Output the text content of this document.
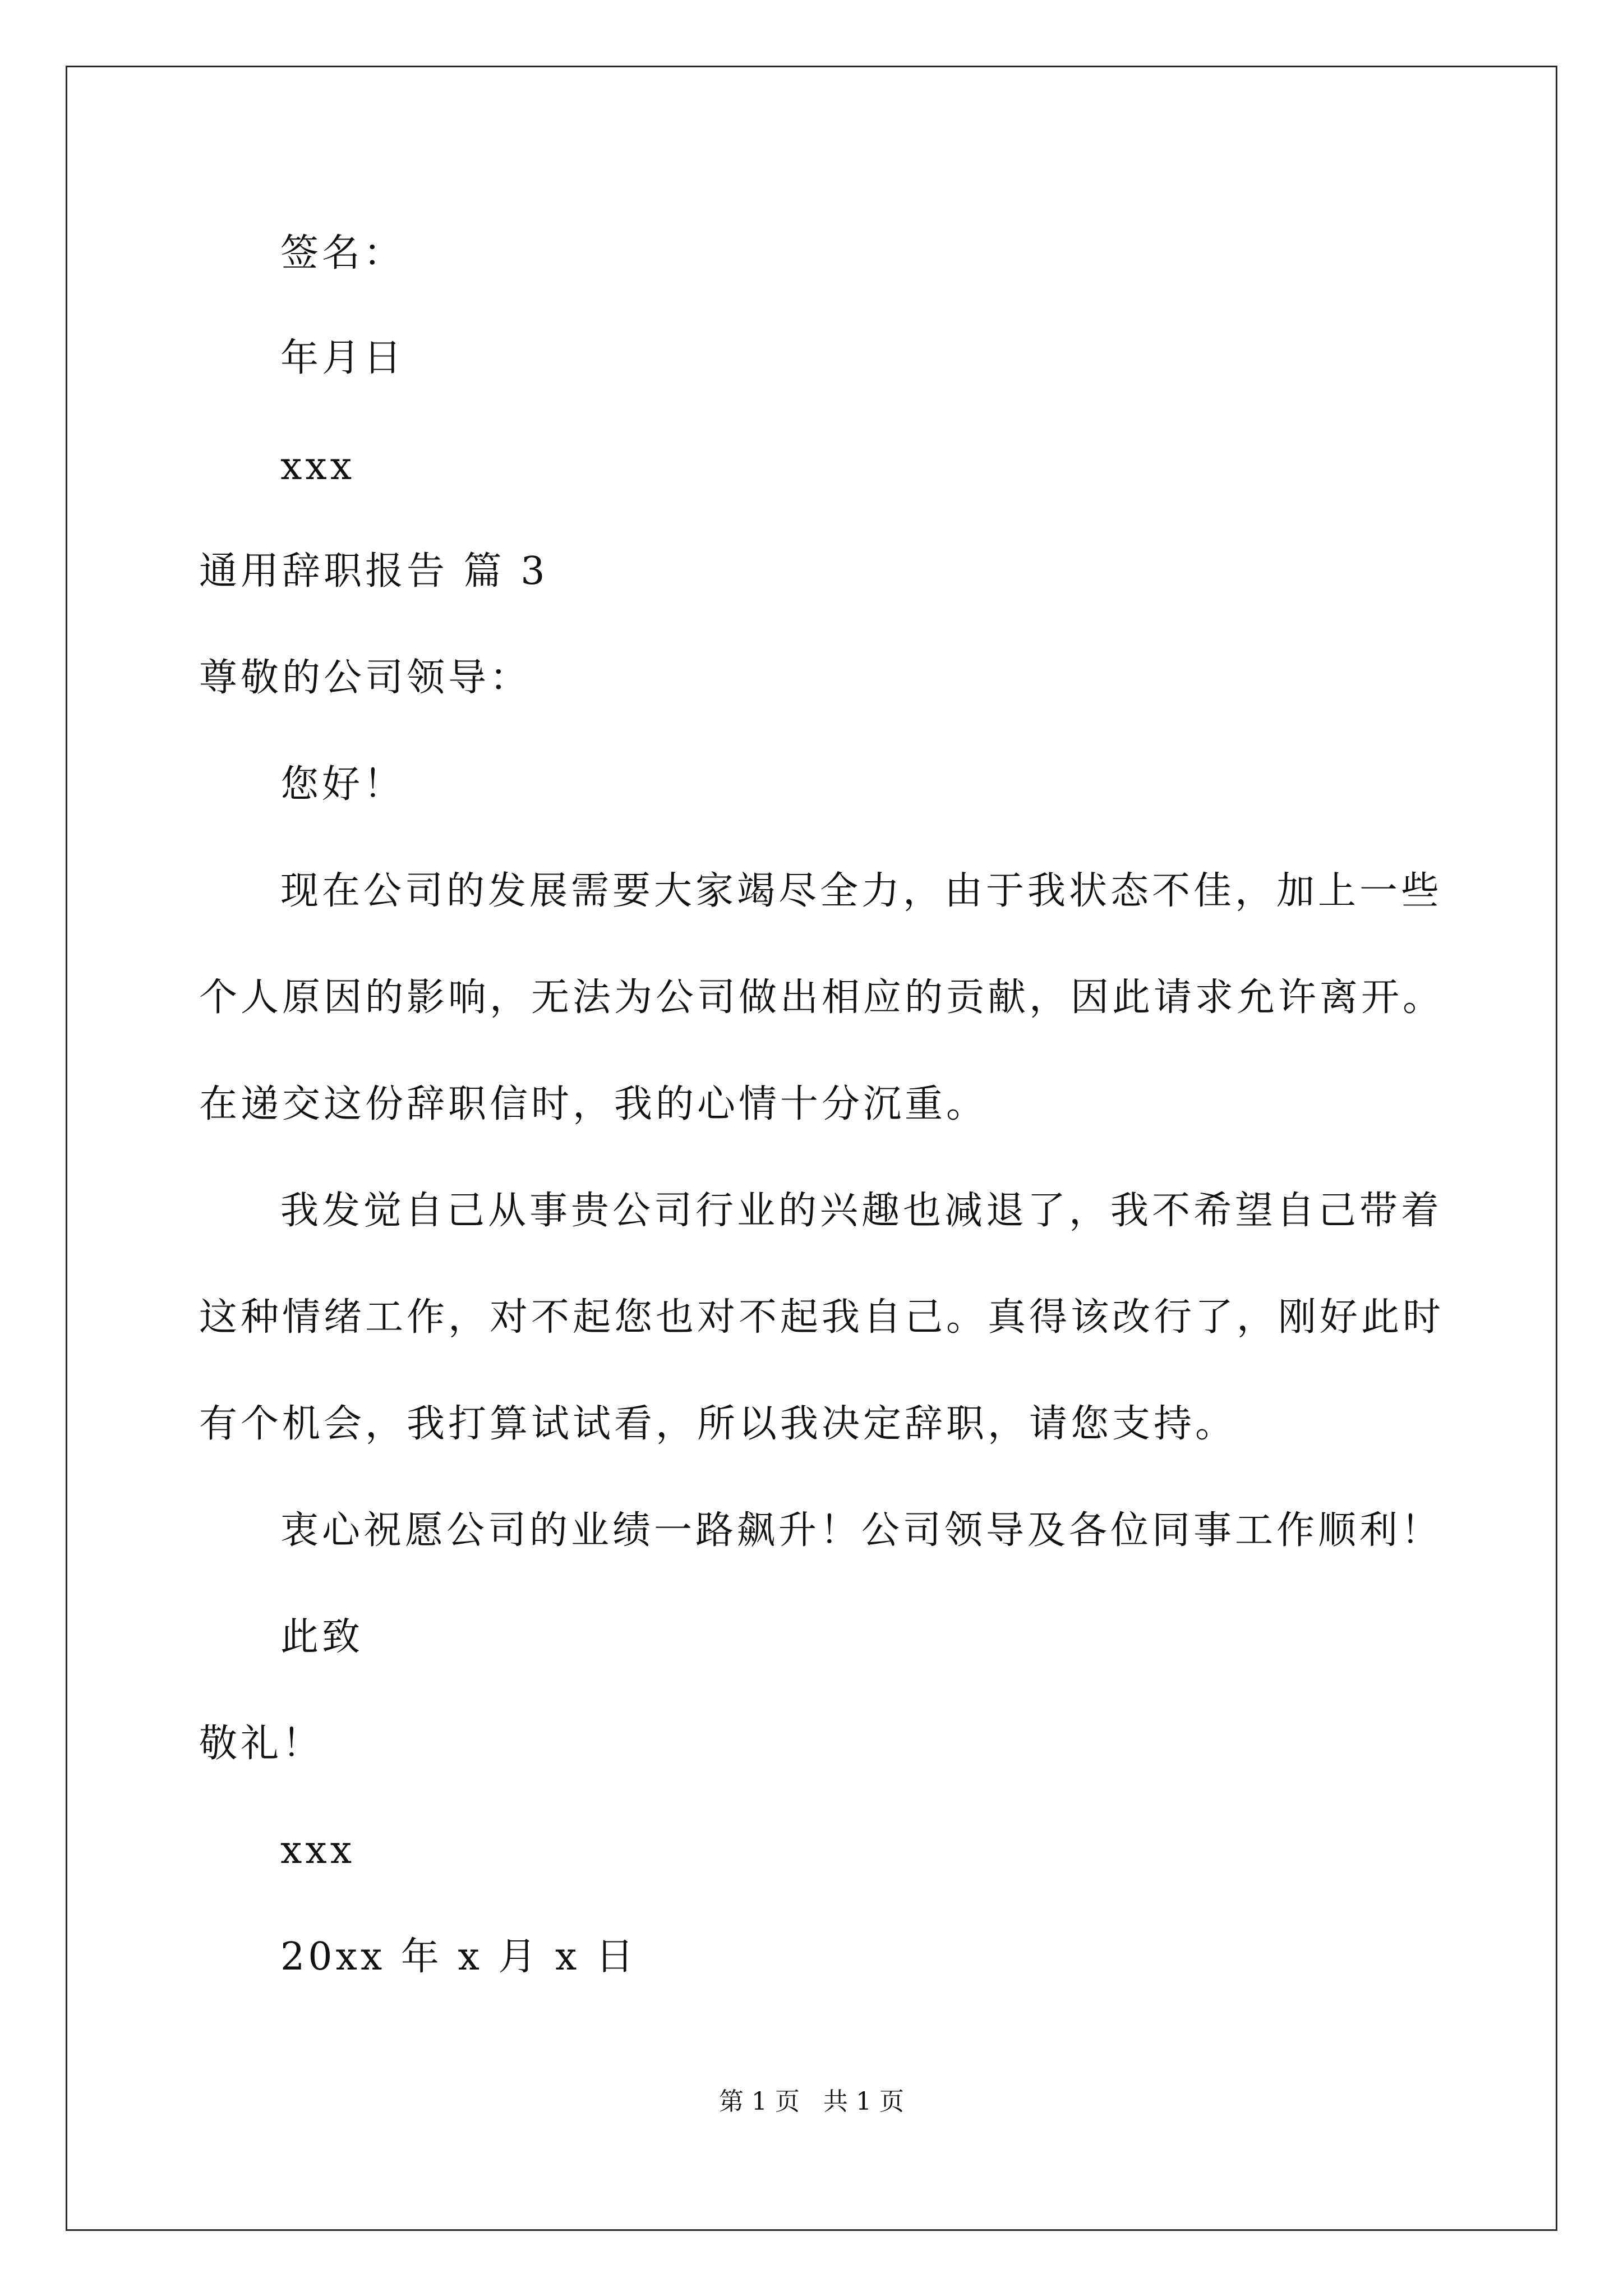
签名：

年月日

xxx

通用辞职报告 篇 3

尊敬的公司领导：

您好！

现在公司的发展需要大家竭尽全力，由于我状态不佳，加上一些

个人原因的影响，无法为公司做出相应的贡献，因此请求允许离开。

在递交这份辞职信时，我的心情十分沉重。

我发觉自己从事贵公司行业的兴趣也减退了，我不希望自己带着

这种情绪工作，对不起您也对不起我自己。真得该改行了，刚好此时

有个机会，我打算试试看，所以我决定辞职，请您支持。

衷心祝愿公司的业绩一路飙升！公司领导及各位同事工作顺利！

此致

敬礼！

xxx

20xx 年 x 月 x 日

第 1 页   共 1 页
